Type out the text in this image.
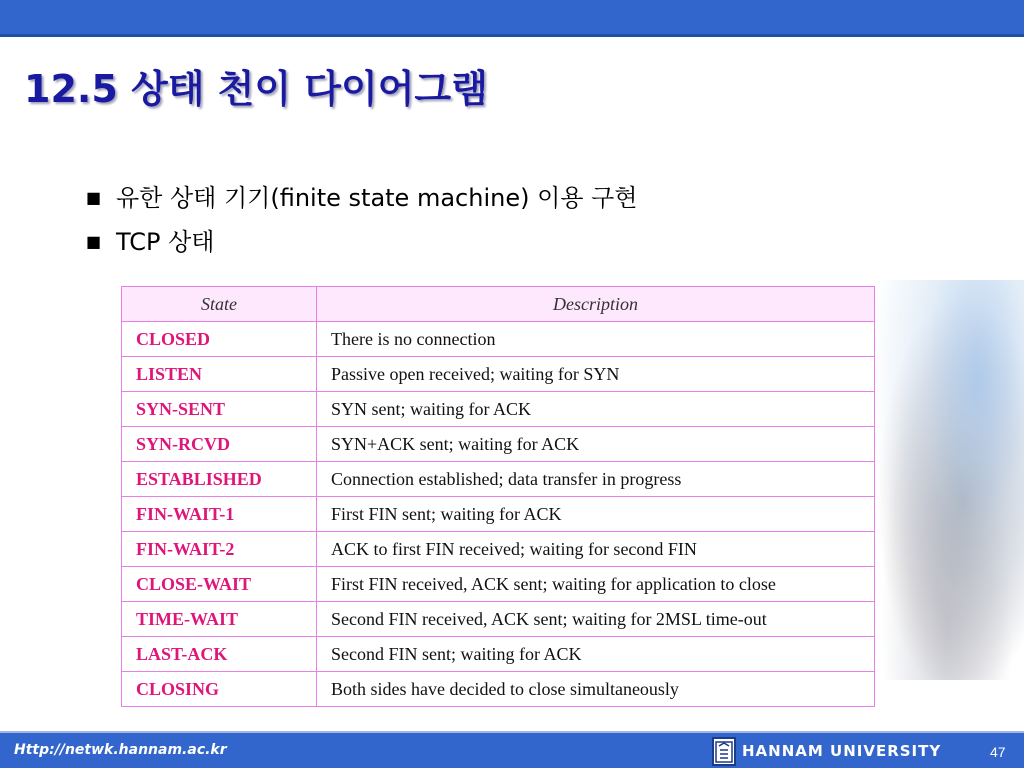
12.5 상태 천이 다이어그램
■ 유한 상태 기기(finite state machine) 이용 구현
■ TCP 상태
State	Description
CLOSED	There is no connection
LISTEN	Passive open received; waiting for SYN
SYN-SENT	SYN sent; waiting for ACK
SYN-RCVD	SYN+ACK sent; waiting for ACK
ESTABLISHED	Connection established; data transfer in progress
FIN-WAIT-1	First FIN sent; waiting for ACK
FIN-WAIT-2	ACK to first FIN received; waiting for second FIN
CLOSE-WAIT	First FIN received, ACK sent; waiting for application to close
TIME-WAIT	Second FIN received, ACK sent; waiting for 2MSL time-out
LAST-ACK	Second FIN sent; waiting for ACK
CLOSING	Both sides have decided to close simultaneously
Http://netwk.hannam.ac.kr	HANNAM UNIVERSITY	47
